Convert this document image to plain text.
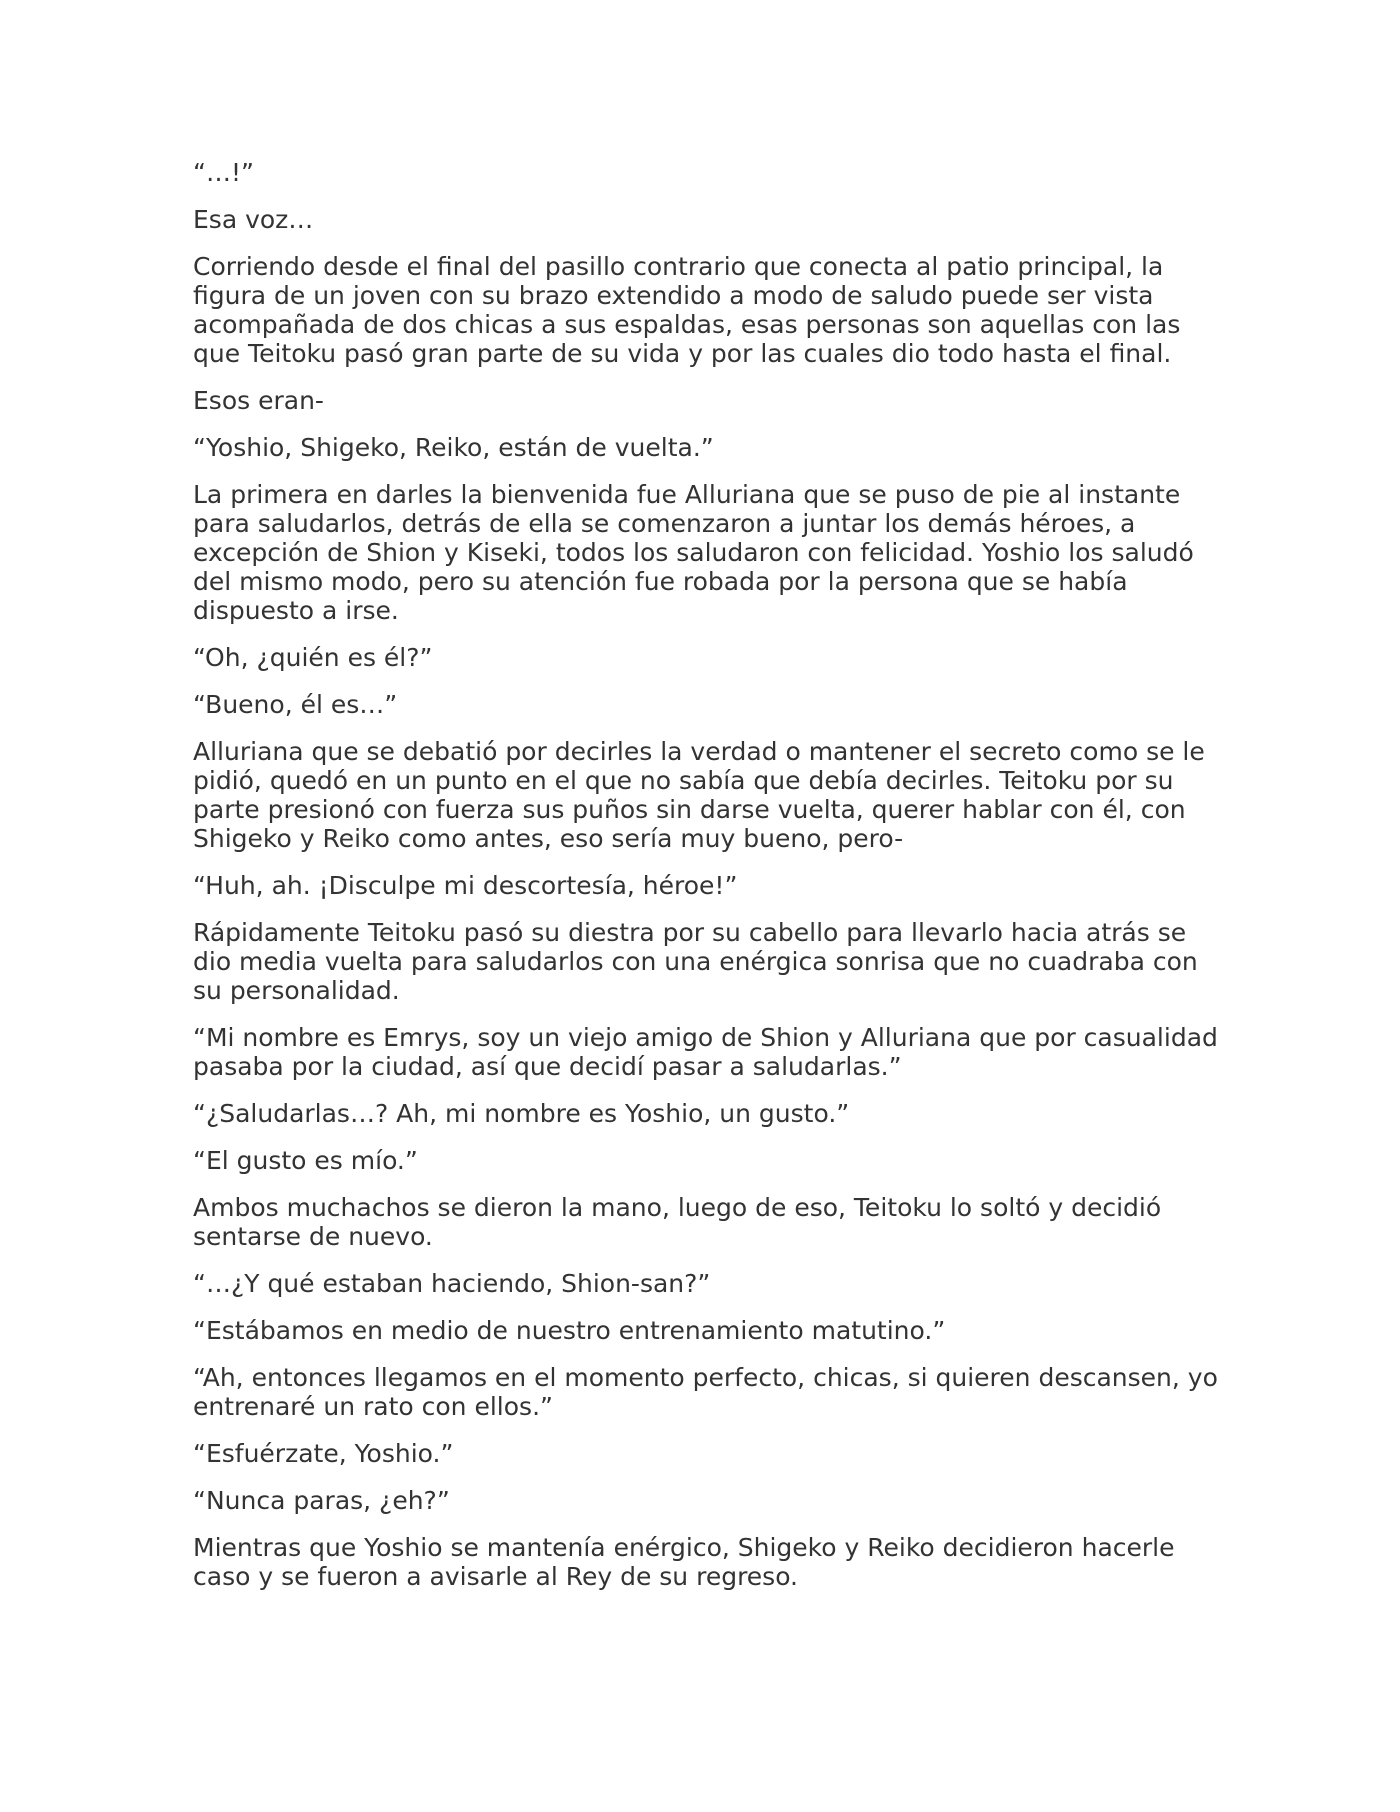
“…!”

Esa voz…

Corriendo desde el final del pasillo contrario que conecta al patio principal, la figura de un joven con su brazo extendido a modo de saludo puede ser vista acompañada de dos chicas a sus espaldas, esas personas son aquellas con las que Teitoku pasó gran parte de su vida y por las cuales dio todo hasta el final.

Esos eran-

“Yoshio, Shigeko, Reiko, están de vuelta.”

La primera en darles la bienvenida fue Alluriana que se puso de pie al instante para saludarlos, detrás de ella se comenzaron a juntar los demás héroes, a excepción de Shion y Kiseki, todos los saludaron con felicidad. Yoshio los saludó del mismo modo, pero su atención fue robada por la persona que se había dispuesto a irse.

“Oh, ¿quién es él?”

“Bueno, él es…”

Alluriana que se debatió por decirles la verdad o mantener el secreto como se le pidió, quedó en un punto en el que no sabía que debía decirles. Teitoku por su parte presionó con fuerza sus puños sin darse vuelta, querer hablar con él, con Shigeko y Reiko como antes, eso sería muy bueno, pero-

“Huh, ah. ¡Disculpe mi descortesía, héroe!”

Rápidamente Teitoku pasó su diestra por su cabello para llevarlo hacia atrás se dio media vuelta para saludarlos con una enérgica sonrisa que no cuadraba con su personalidad.

“Mi nombre es Emrys, soy un viejo amigo de Shion y Alluriana que por casualidad pasaba por la ciudad, así que decidí pasar a saludarlas.”

“¿Saludarlas…? Ah, mi nombre es Yoshio, un gusto.”

“El gusto es mío.”

Ambos muchachos se dieron la mano, luego de eso, Teitoku lo soltó y decidió sentarse de nuevo.

“…¿Y qué estaban haciendo, Shion-san?”

“Estábamos en medio de nuestro entrenamiento matutino.”

“Ah, entonces llegamos en el momento perfecto, chicas, si quieren descansen, yo entrenaré un rato con ellos.”

“Esfuérzate, Yoshio.”

“Nunca paras, ¿eh?”

Mientras que Yoshio se mantenía enérgico, Shigeko y Reiko decidieron hacerle caso y se fueron a avisarle al Rey de su regreso.
